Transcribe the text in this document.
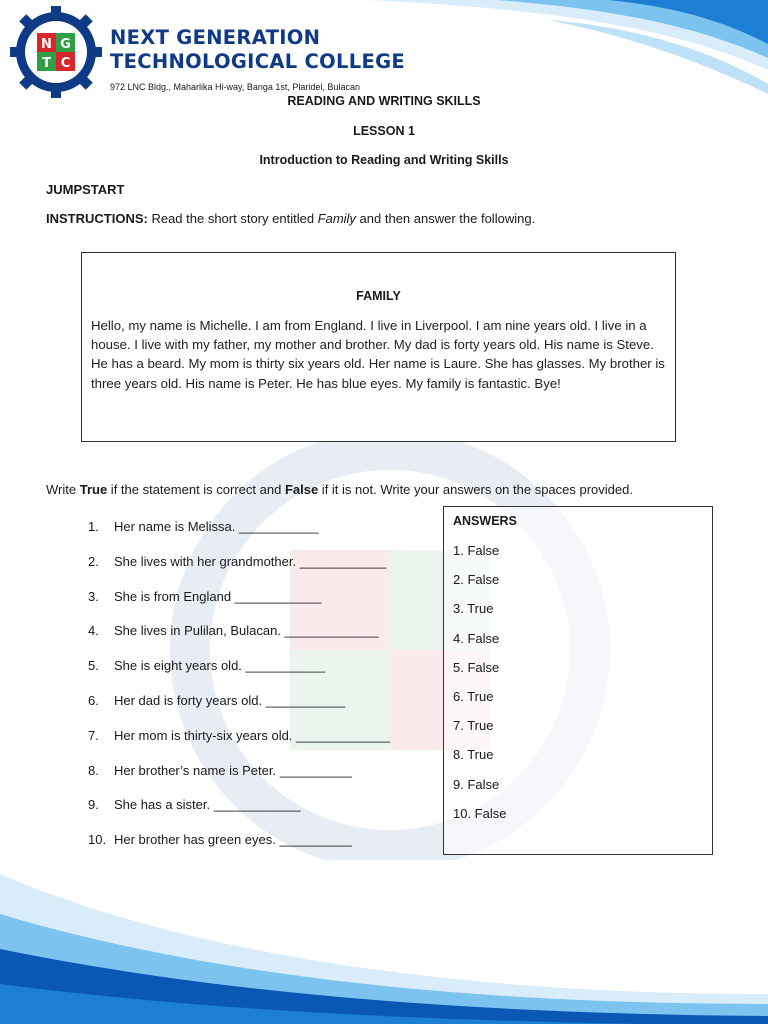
N G
T C
NEXT GENERATION
TECHNOLOGICAL COLLEGE
972 LNC Bldg., Maharlika Hi-way, Banga 1st, Plaridel, Bulacan
READING AND WRITING SKILLS
LESSON 1
Introduction to Reading and Writing Skills
JUMPSTART
INSTRUCTIONS: Read the short story entitled Family and then answer the following.
FAMILY
Hello, my name is Michelle. I am from England. I live in Liverpool. I am nine years old. I live in a house. I live with my father, my mother and brother. My dad is forty years old. His name is Steve. He has a beard. My mom is thirty six years old. Her name is Laure. She has glasses. My brother is three years old. His name is Peter. He has blue eyes. My family is fantastic. Bye!
Write True if the statement is correct and False if it is not. Write your answers on the spaces provided.
1. Her name is Melissa. ___________
2. She lives with her grandmother. ____________
3. She is from England ____________
4. She lives in Pulilan, Bulacan. _____________
5. She is eight years old. ___________
6. Her dad is forty years old. ___________
7. Her mom is thirty-six years old. _____________
8. Her brother’s name is Peter. __________
9. She has a sister. ____________
10. Her brother has green eyes. __________
ANSWERS
1. False
2. False
3. True
4. False
5. False
6. True
7. True
8. True
9. False
10. False
